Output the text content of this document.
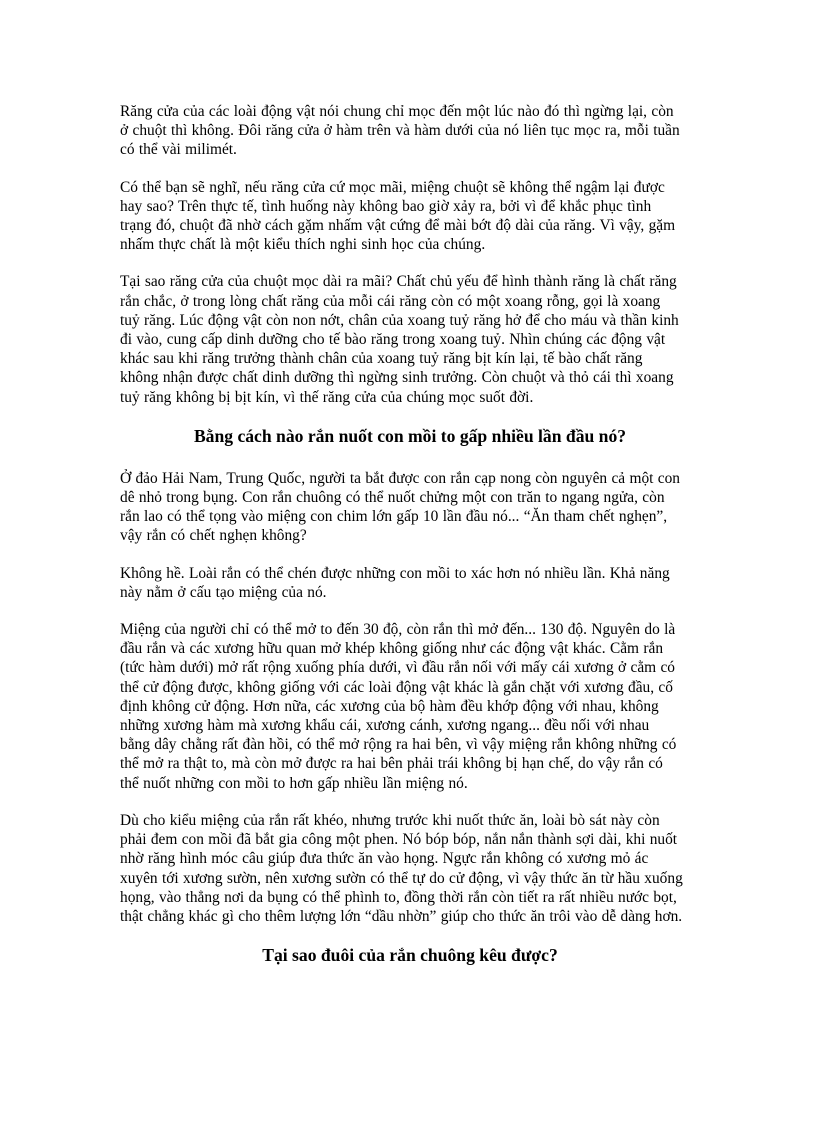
Răng cửa của các loài động vật nói chung chỉ mọc đến một lúc nào đó thì ngừng lại, còn
ở chuột thì không. Đôi răng cửa ở hàm trên và hàm dưới của nó liên tục mọc ra, mỗi tuần
có thể vài milimét.

Có thể bạn sẽ nghĩ, nếu răng cửa cứ mọc mãi, miệng chuột sẽ không thể ngậm lại được
hay sao? Trên thực tế, tình huống này không bao giờ xảy ra, bởi vì để khắc phục tình
trạng đó, chuột đã nhờ cách gặm nhấm vật cứng để mài bớt độ dài của răng. Vì vậy, gặm
nhấm thực chất là một kiểu thích nghi sinh học của chúng.

Tại sao răng cửa của chuột mọc dài ra mãi? Chất chủ yếu để hình thành răng là chất răng
rắn chắc, ở trong lòng chất răng của mỗi cái răng còn có một xoang rỗng, gọi là xoang
tuỷ răng. Lúc động vật còn non nớt, chân của xoang tuỷ răng hở để cho máu và thần kinh
đi vào, cung cấp dinh dưỡng cho tế bào răng trong xoang tuỷ. Nhìn chúng các động vật
khác sau khi răng trưởng thành chân của xoang tuỷ răng bịt kín lại, tế bào chất răng
không nhận được chất dinh dưỡng thì ngừng sinh trưởng. Còn chuột và thỏ cái thì xoang
tuỷ răng không bị bịt kín, vì thế răng cửa của chúng mọc suốt đời.

Bằng cách nào rắn nuốt con mồi to gấp nhiều lần đầu nó?

Ở đảo Hải Nam, Trung Quốc, người ta bắt được con rắn cạp nong còn nguyên cả một con
dê nhỏ trong bụng. Con rắn chuông có thể nuốt chửng một con trăn to ngang ngửa, còn
rắn lao có thể tọng vào miệng con chim lớn gấp 10 lần đầu nó... “Ăn tham chết nghẹn”,
vậy rắn có chết nghẹn không?

Không hề. Loài rắn có thể chén được những con mồi to xác hơn nó nhiều lần. Khả năng
này nằm ở cấu tạo miệng của nó.

Miệng của người chỉ có thể mở to đến 30 độ, còn rắn thì mở đến... 130 độ. Nguyên do là
đầu rắn và các xương hữu quan mở khép không giống như các động vật khác. Cằm rắn
(tức hàm dưới) mở rất rộng xuống phía dưới, vì đầu rắn nối với mấy cái xương ở cằm có
thể cử động được, không giống với các loài động vật khác là gắn chặt với xương đầu, cố
định không cử động. Hơn nữa, các xương của bộ hàm đều khớp động với nhau, không
những xương hàm mà xương khẩu cái, xương cánh, xương ngang... đều nối với nhau
bằng dây chằng rất đàn hồi, có thể mở rộng ra hai bên, vì vậy miệng rắn không những có
thể mở ra thật to, mà còn mở được ra hai bên phải trái không bị hạn chế, do vậy rắn có
thể nuốt những con mồi to hơn gấp nhiều lần miệng nó.

Dù cho kiểu miệng của rắn rất khéo, nhưng trước khi nuốt thức ăn, loài bò sát này còn
phải đem con mồi đã bắt gia công một phen. Nó bóp bóp, nắn nắn thành sợi dài, khi nuốt
nhờ răng hình móc câu giúp đưa thức ăn vào họng. Ngực rắn không có xương mỏ ác
xuyên tới xương sườn, nên xương sườn có thể tự do cử động, vì vậy thức ăn từ hầu xuống
họng, vào thẳng nơi da bụng có thể phình to, đồng thời rắn còn tiết ra rất nhiều nước bọt,
thật chẳng khác gì cho thêm lượng lớn “dầu nhờn” giúp cho thức ăn trôi vào dễ dàng hơn.

Tại sao đuôi của rắn chuông kêu được?
